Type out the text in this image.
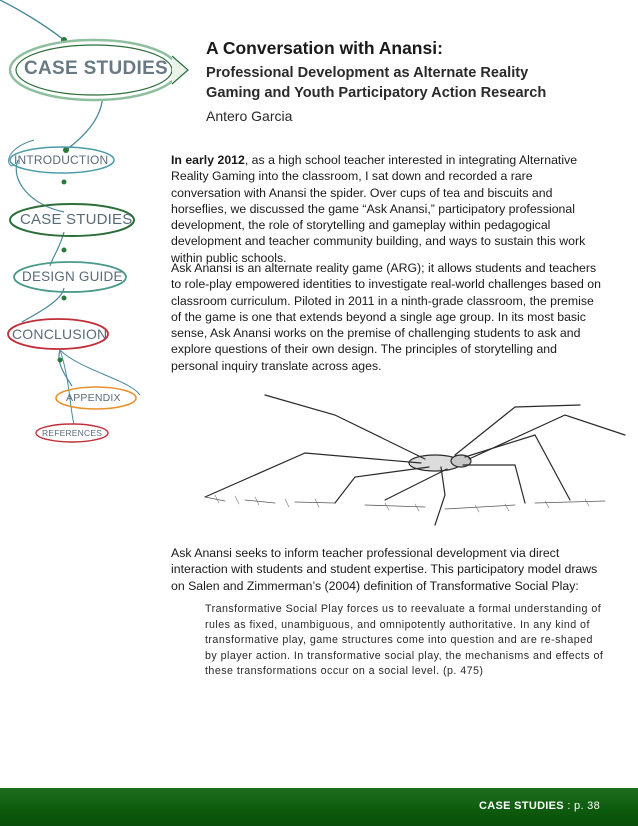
CASE STUDIES
INTRODUCTION
CASE STUDIES
DESIGN GUIDE
CONCLUSION
APPENDIX
REFERENCES
A Conversation with Anansi:
Professional Development as Alternate Reality
Gaming and Youth Participatory Action Research
Antero Garcia

In early 2012, as a high school teacher interested in integrating Alternative Reality Gaming into the classroom, I sat down and recorded a rare conversation with Anansi the spider. Over cups of tea and biscuits and horseflies, we discussed the game “Ask Anansi,” participatory professional development, the role of storytelling and gameplay within pedagogical development and teacher community building, and ways to sustain this work within public schools.

Ask Anansi is an alternate reality game (ARG); it allows students and teachers to role-play empowered identities to investigate real-world challenges based on classroom curriculum. Piloted in 2011 in a ninth-grade classroom, the premise of the game is one that extends beyond a single age group. In its most basic sense, Ask Anansi works on the premise of challenging students to ask and explore questions of their own design. The principles of storytelling and personal inquiry translate across ages.

Ask Anansi seeks to inform teacher professional development via direct interaction with students and student expertise. This participatory model draws on Salen and Zimmerman’s (2004) definition of Transformative Social Play:

Transformative Social Play forces us to reevaluate a formal understanding of rules as fixed, unambiguous, and omnipotently authoritative. In any kind of transformative play, game structures come into question and are re-shaped by player action. In transformative social play, the mechanisms and effects of these transformations occur on a social level. (p. 475)

CASE STUDIES : p. 38
